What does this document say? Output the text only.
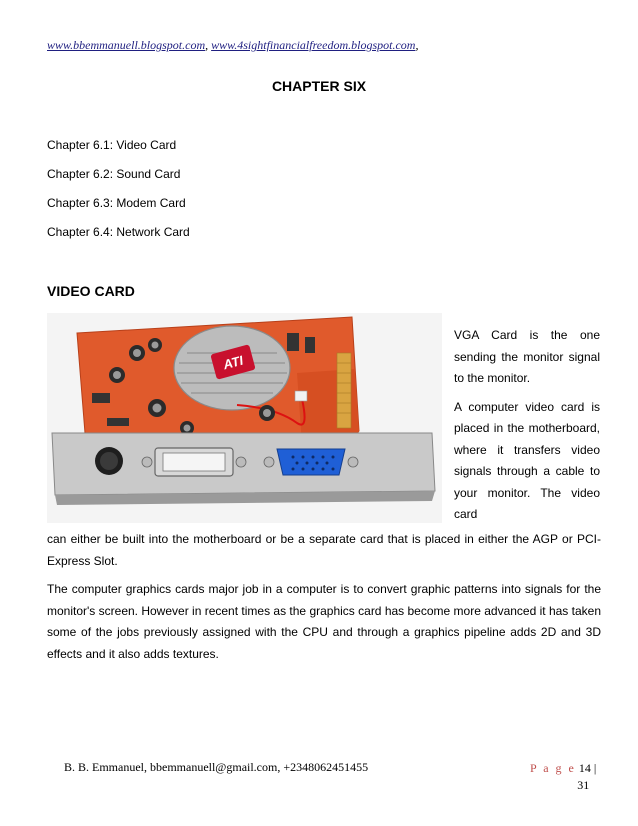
www.bbemmanuell.blogspot.com, www.4sightfinancialfreedom.blogspot.com,
CHAPTER SIX
Chapter 6.1: Video Card
Chapter 6.2: Sound Card
Chapter 6.3: Modem Card
Chapter 6.4: Network Card
VIDEO CARD
ATI

VGA Card is the one sending the monitor signal to the monitor.

A computer video card is placed in the motherboard, where it transfers video signals through a cable to your monitor. The video card

can either be built into the motherboard or be a separate card that is placed in either the AGP or PCI-Express Slot.

The computer graphics cards major job in a computer is to convert graphic patterns into signals for the monitor's screen. However in recent times as the graphics card has become more advanced it has taken some of the jobs previously assigned with the CPU and through a graphics pipeline adds 2D and 3D effects and it also adds textures.

B. B. Emmanuel, bbemmanuell@gmail.com, +2348062451455	P a g e 14 |
31
